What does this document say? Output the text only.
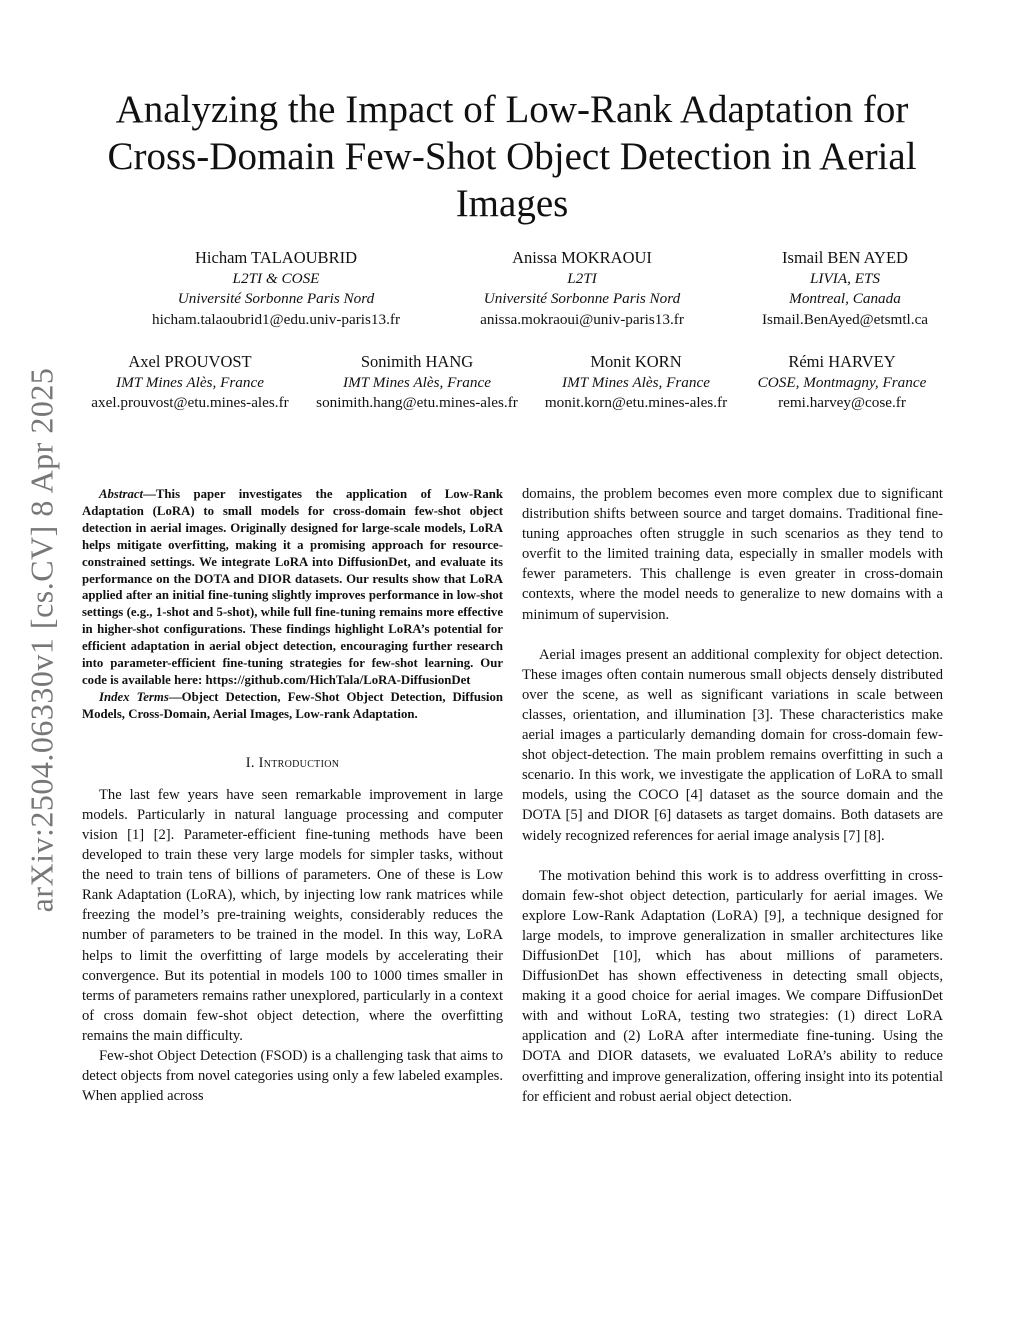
arXiv:2504.06330v1 [cs.CV] 8 Apr 2025
Analyzing the Impact of Low-Rank Adaptation for Cross-Domain Few-Shot Object Detection in Aerial Images
Hicham TALAOUBRID
L2TI & COSE
Université Sorbonne Paris Nord
hicham.talaoubrid1@edu.univ-paris13.fr
Anissa MOKRAOUI
L2TI
Université Sorbonne Paris Nord
anissa.mokraoui@univ-paris13.fr
Ismail BEN AYED
LIVIA, ETS
Montreal, Canada
Ismail.BenAyed@etsmtl.ca
Axel PROUVOST
IMT Mines Alès, France
axel.prouvost@etu.mines-ales.fr
Sonimith HANG
IMT Mines Alès, France
sonimith.hang@etu.mines-ales.fr
Monit KORN
IMT Mines Alès, France
monit.korn@etu.mines-ales.fr
Rémi HARVEY
COSE, Montmagny, France
remi.harvey@cose.fr

Abstract—This paper investigates the application of Low-Rank Adaptation (LoRA) to small models for cross-domain few-shot object detection in aerial images. Originally designed for large-scale models, LoRA helps mitigate overfitting, making it a promising approach for resource-constrained settings. We integrate LoRA into DiffusionDet, and evaluate its performance on the DOTA and DIOR datasets. Our results show that LoRA applied after an initial fine-tuning slightly improves performance in low-shot settings (e.g., 1-shot and 5-shot), while full fine-tuning remains more effective in higher-shot configurations. These findings highlight LoRA’s potential for efficient adaptation in aerial object detection, encouraging further research into parameter-efficient fine-tuning strategies for few-shot learning. Our code is available here: https://github.com/HichTala/LoRA-DiffusionDet

Index Terms—Object Detection, Few-Shot Object Detection, Diffusion Models, Cross-Domain, Aerial Images, Low-rank Adaptation.

I. Introduction

The last few years have seen remarkable improvement in large models. Particularly in natural language processing and computer vision [1] [2]. Parameter-efficient fine-tuning methods have been developed to train these very large models for simpler tasks, without the need to train tens of billions of parameters. One of these is Low Rank Adaptation (LoRA), which, by injecting low rank matrices while freezing the model’s pre-training weights, considerably reduces the number of parameters to be trained in the model. In this way, LoRA helps to limit the overfitting of large models by accelerating their convergence. But its potential in models 100 to 1000 times smaller in terms of parameters remains rather unexplored, particularly in a context of cross domain few-shot object detection, where the overfitting remains the main difficulty.

Few-shot Object Detection (FSOD) is a challenging task that aims to detect objects from novel categories using only a few labeled examples. When applied across

domains, the problem becomes even more complex due to significant distribution shifts between source and target domains. Traditional fine-tuning approaches often struggle in such scenarios as they tend to overfit to the limited training data, especially in smaller models with fewer parameters. This challenge is even greater in cross-domain contexts, where the model needs to generalize to new domains with a minimum of supervision.

Aerial images present an additional complexity for object detection. These images often contain numerous small objects densely distributed over the scene, as well as significant variations in scale between classes, orientation, and illumination [3]. These characteristics make aerial images a particularly demanding domain for cross-domain few-shot object-detection. The main problem remains overfitting in such a scenario. In this work, we investigate the application of LoRA to small models, using the COCO [4] dataset as the source domain and the DOTA [5] and DIOR [6] datasets as target domains. Both datasets are widely recognized references for aerial image analysis [7] [8].

The motivation behind this work is to address overfitting in cross-domain few-shot object detection, particularly for aerial images. We explore Low-Rank Adaptation (LoRA) [9], a technique designed for large models, to improve generalization in smaller architectures like DiffusionDet [10], which has about millions of parameters. DiffusionDet has shown effectiveness in detecting small objects, making it a good choice for aerial images. We compare DiffusionDet with and without LoRA, testing two strategies: (1) direct LoRA application and (2) LoRA after intermediate fine-tuning. Using the DOTA and DIOR datasets, we evaluated LoRA’s ability to reduce overfitting and improve generalization, offering insight into its potential for efficient and robust aerial object detection.
